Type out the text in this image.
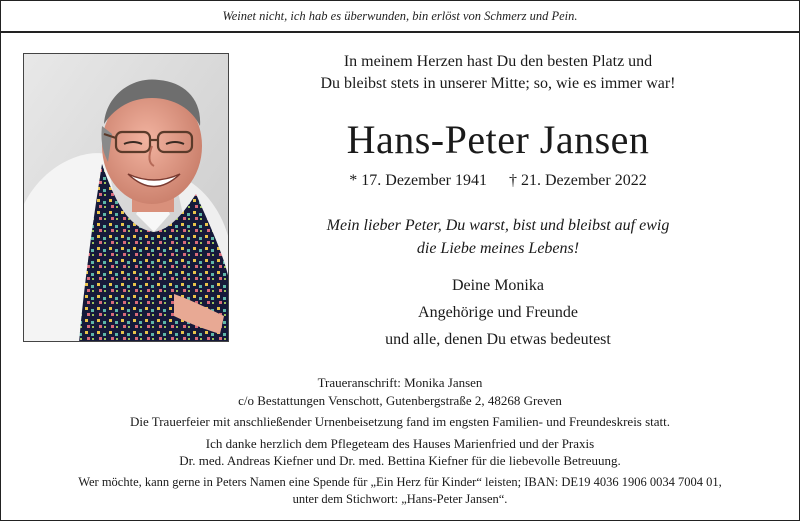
Weinet nicht, ich hab es überwunden, bin erlöst von Schmerz und Pein.
In meinem Herzen hast Du den besten Platz und
Du bleibst stets in unserer Mitte; so, wie es immer war!
Hans-Peter Jansen
* 17. Dezember 1941 † 21. Dezember 2022
Mein lieber Peter, Du warst, bist und bleibst auf ewig
die Liebe meines Lebens!
Deine Monika
Angehörige und Freunde
und alle, denen Du etwas bedeutest

Traueranschrift: Monika Jansen

c/o Bestattungen Venschott, Gutenbergstraße 2, 48268 Greven

Die Trauerfeier mit anschließender Urnenbeisetzung fand im engsten Familien- und Freundeskreis statt.

Ich danke herzlich dem Pflegeteam des Hauses Marienfried und der Praxis

Dr. med. Andreas Kiefner und Dr. med. Bettina Kiefner für die liebevolle Betreuung.

Wer möchte, kann gerne in Peters Namen eine Spende für „Ein Herz für Kinder“ leisten; IBAN: DE19 4036 1906 0034 7004 01,

unter dem Stichwort: „Hans-Peter Jansen“.
